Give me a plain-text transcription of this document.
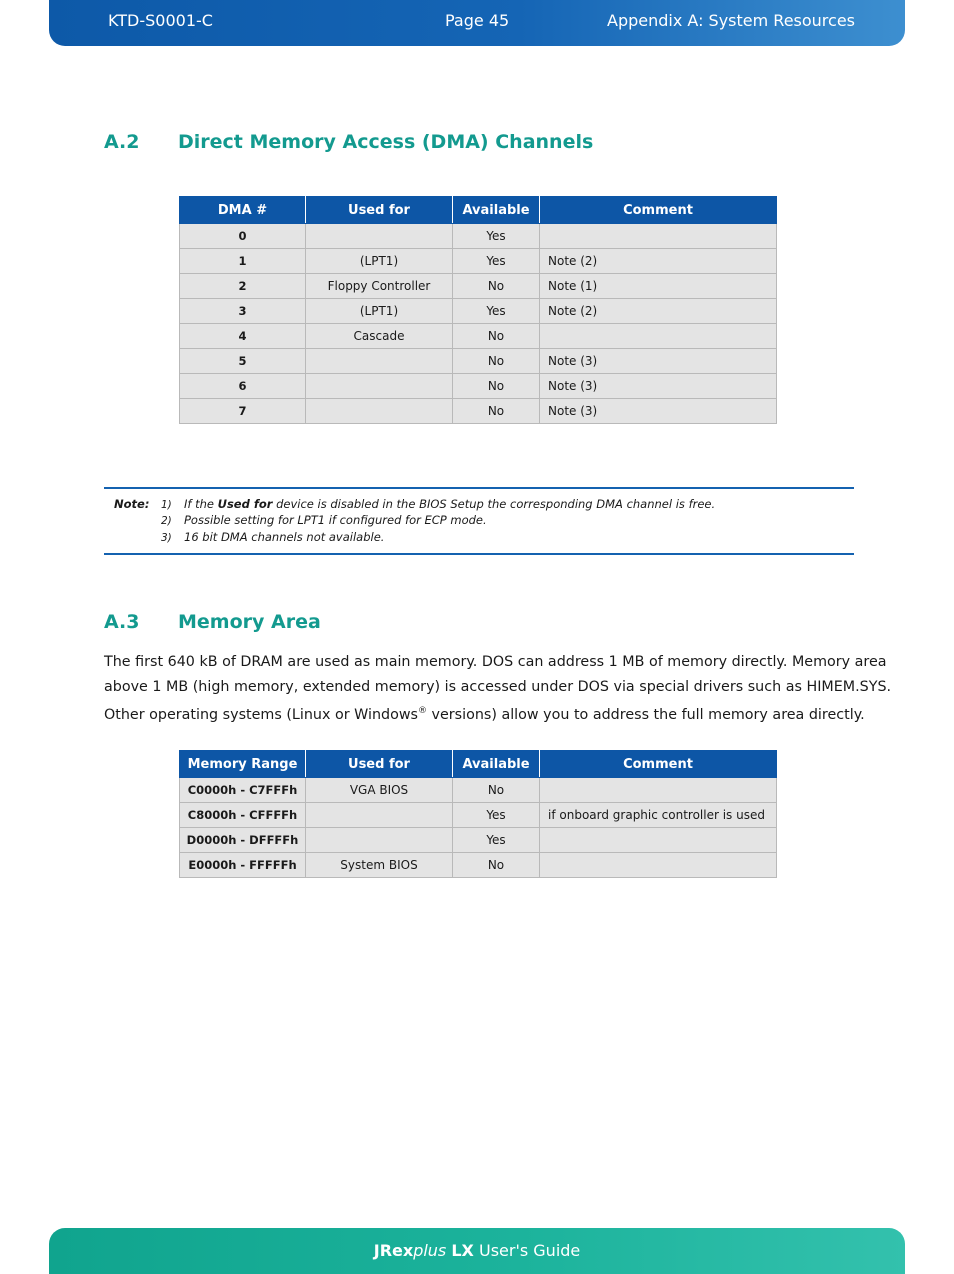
KTD-S0001-C	Page 45	Appendix A: System Resources
A.2 Direct Memory Access (DMA) Channels
DMA #	Used for	Available	Comment
0		Yes	
1	(LPT1)	Yes	Note (2)
2	Floppy Controller	No	Note (1)
3	(LPT1)	Yes	Note (2)
4	Cascade	No	
5		No	Note (3)
6		No	Note (3)
7		No	Note (3)
Note: 1) If the Used for device is disabled in the BIOS Setup the corresponding DMA channel is free.
2) Possible setting for LPT1 if configured for ECP mode.
3) 16 bit DMA channels not available.
A.3 Memory Area
The first 640 kB of DRAM are used as main memory. DOS can address 1 MB of memory directly. Memory area
above 1 MB (high memory, extended memory) is accessed under DOS via special drivers such as HIMEM.SYS.
Other operating systems (Linux or Windows® versions) allow you to address the full memory area directly.
Memory Range	Used for	Available	Comment
C0000h - C7FFFh	VGA BIOS	No	
C8000h - CFFFFh		Yes	if onboard graphic controller is used
D0000h - DFFFFh		Yes	
E0000h - FFFFFh	System BIOS	No	
JRexplus LX User's Guide
